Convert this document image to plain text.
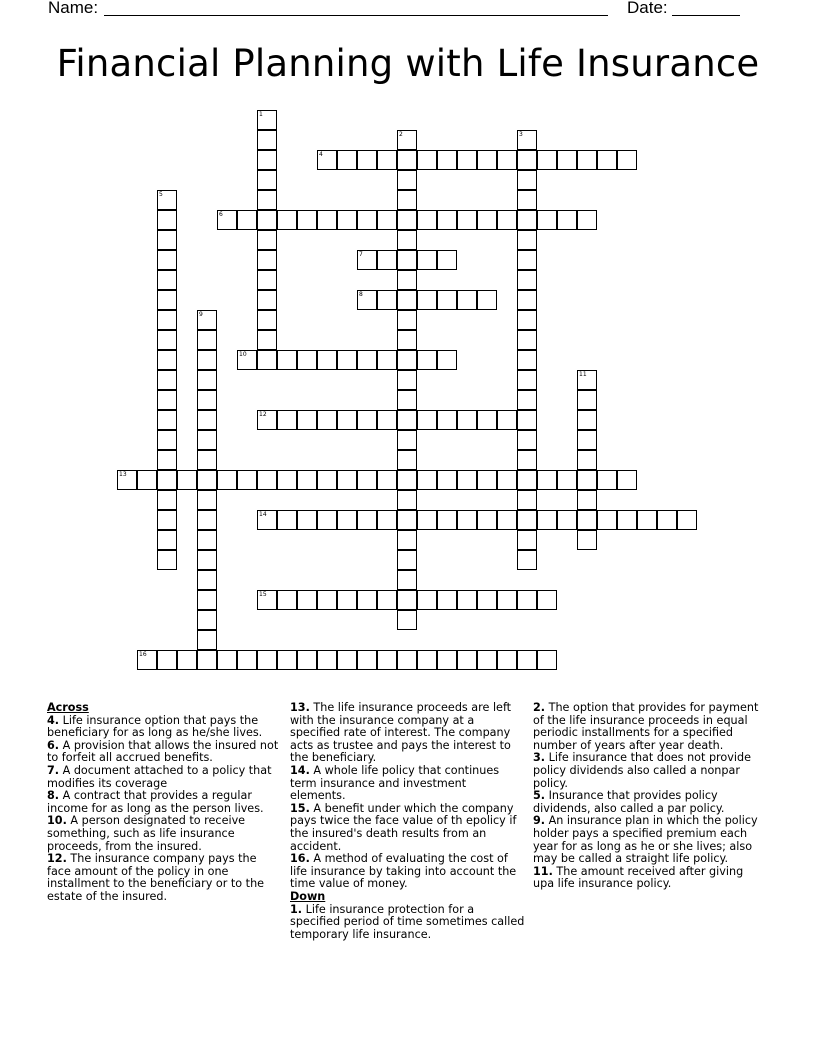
Name:	Date:
Financial Planning with Life Insurance
1
2	3
4
5
6
7
8
9
10
11
12
13
14
15
16

Across

4. Life insurance option that pays the beneficiary for as long as he/she lives.

6. A provision that allows the insured not to forfeit all accrued benefits.

7. A document attached to a policy that modifies its coverage

8. A contract that provides a regular income for as long as the person lives.

10. A person designated to receive something, such as life insurance proceeds, from the insured.

12. The insurance company pays the face amount of the policy in one installment to the beneficiary or to the estate of the insured.

13. The life insurance proceeds are left with the insurance company at a specified rate of interest. The company acts as trustee and pays the interest to the beneficiary.

14. A whole life policy that continues term insurance and investment elements.

15. A benefit under which the company pays twice the face value of th epolicy if the insured's death results from an accident.

16. A method of evaluating the cost of life insurance by taking into account the time value of money.

Down

1. Life insurance protection for a specified period of time sometimes called temporary life insurance.

2. The option that provides for payment of the life insurance proceeds in equal periodic installments for a specified number of years after year death.

3. Life insurance that does not provide policy dividends also called a nonpar policy.

5. Insurance that provides policy dividends, also called a par policy.

9. An insurance plan in which the policy holder pays a specified premium each year for as long as he or she lives; also may be called a straight life policy.

11. The amount received after giving upa life insurance policy.
